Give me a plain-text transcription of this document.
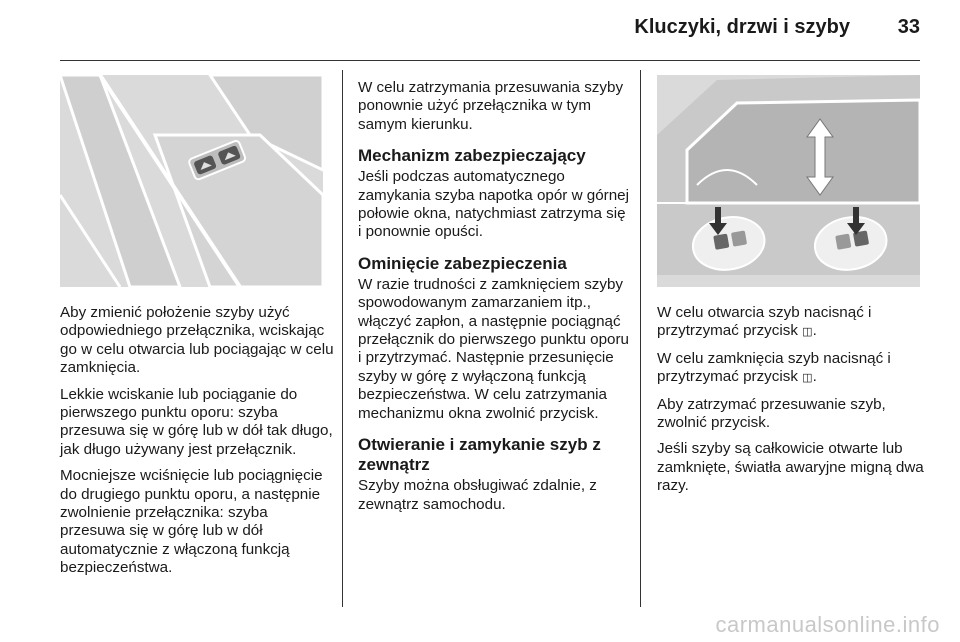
Kluczyki, drzwi i szyby 33

Aby zmienić położenie szyby użyć odpowiedniego przełącznika, wciskając go w celu otwarcia lub pociągając w celu zamknięcia.

Lekkie wciskanie lub pociąganie do pierwszego punktu oporu: szyba przesuwa się w górę lub w dół tak długo, jak długo używany jest przełącznik.

Mocniejsze wciśnięcie lub pociągnięcie do drugiego punktu oporu, a następnie zwolnienie przełącznika: szyba przesuwa się w górę lub w dół automatycznie z włączoną funkcją bezpieczeństwa.

W celu zatrzymania przesuwania szyby ponownie użyć przełącznika w tym samym kierunku.

Mechanizm zabezpieczający

Jeśli podczas automatycznego zamykania szyba napotka opór w górnej połowie okna, natychmiast zatrzyma się i ponownie opuści.

Ominięcie zabezpieczenia

W razie trudności z zamknięciem szyby spowodowanym zamarzaniem itp., włączyć zapłon, a następnie pociągnąć przełącznik do pierwszego punktu oporu i przytrzymać. Następnie przesunięcie szyby w górę z wyłączoną funkcją bezpieczeństwa. W celu zatrzymania mechanizmu okna zwolnić przycisk.

Otwieranie i zamykanie szyb z zewnątrz

Szyby można obsługiwać zdalnie, z zewnątrz samochodu.

W celu otwarcia szyb nacisnąć i przytrzymać przycisk ◫.

W celu zamknięcia szyb nacisnąć i przytrzymać przycisk ◫.

Aby zatrzymać przesuwanie szyb, zwolnić przycisk.

Jeśli szyby są całkowicie otwarte lub zamknięte, światła awaryjne migną dwa razy.

carmanualsonline.info
